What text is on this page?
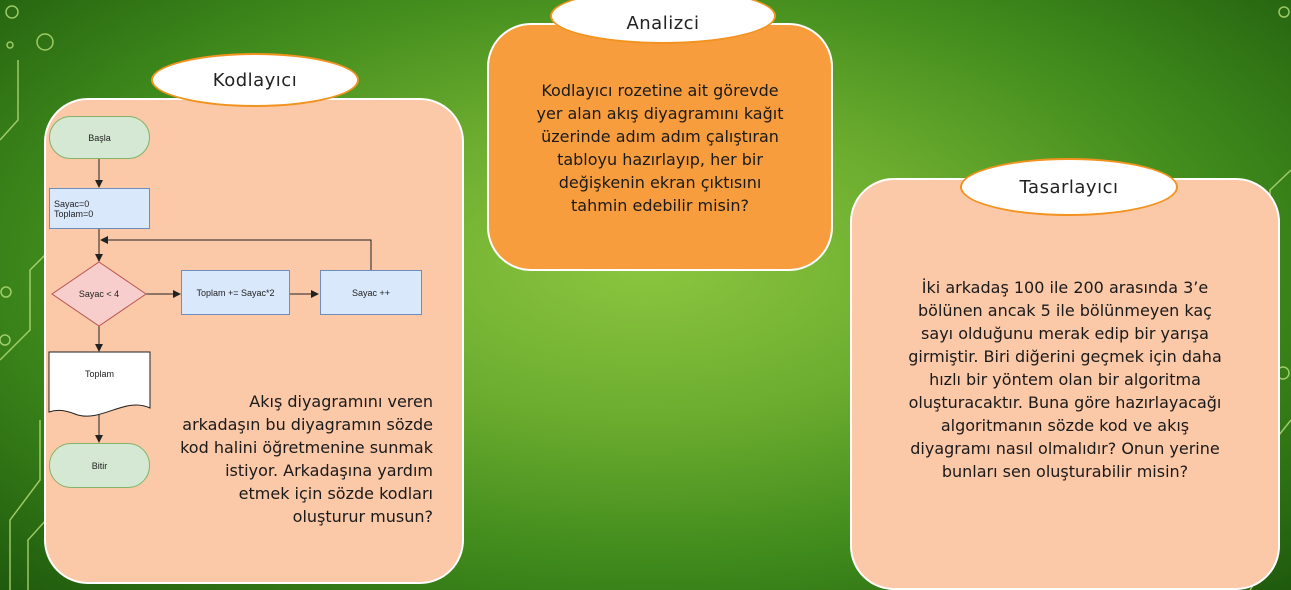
Kodlayıcı
Başla
Sayac=0
Toplam=0
Sayac < 4	Toplam += Sayac*2	Sayac ++
Toplam
Bitir
Akış diyagramını veren
arkadaşın bu diyagramın sözde
kod halini öğretmenine sunmak
istiyor. Arkadaşına yardım
etmek için sözde kodları
oluşturur musun?
Analizci
Kodlayıcı rozetine ait görevde
yer alan akış diyagramını kağıt
üzerinde adım adım çalıştıran
tabloyu hazırlayıp, her bir
değişkenin ekran çıktısını
tahmin edebilir misin?
Tasarlayıcı
İki arkadaş 100 ile 200 arasında 3’e
bölünen ancak 5 ile bölünmeyen kaç
sayı olduğunu merak edip bir yarışa
girmiştir. Biri diğerini geçmek için daha
hızlı bir yöntem olan bir algoritma
oluşturacaktır. Buna göre hazırlayacağı
algoritmanın sözde kod ve akış
diyagramı nasıl olmalıdır? Onun yerine
bunları sen oluşturabilir misin?
